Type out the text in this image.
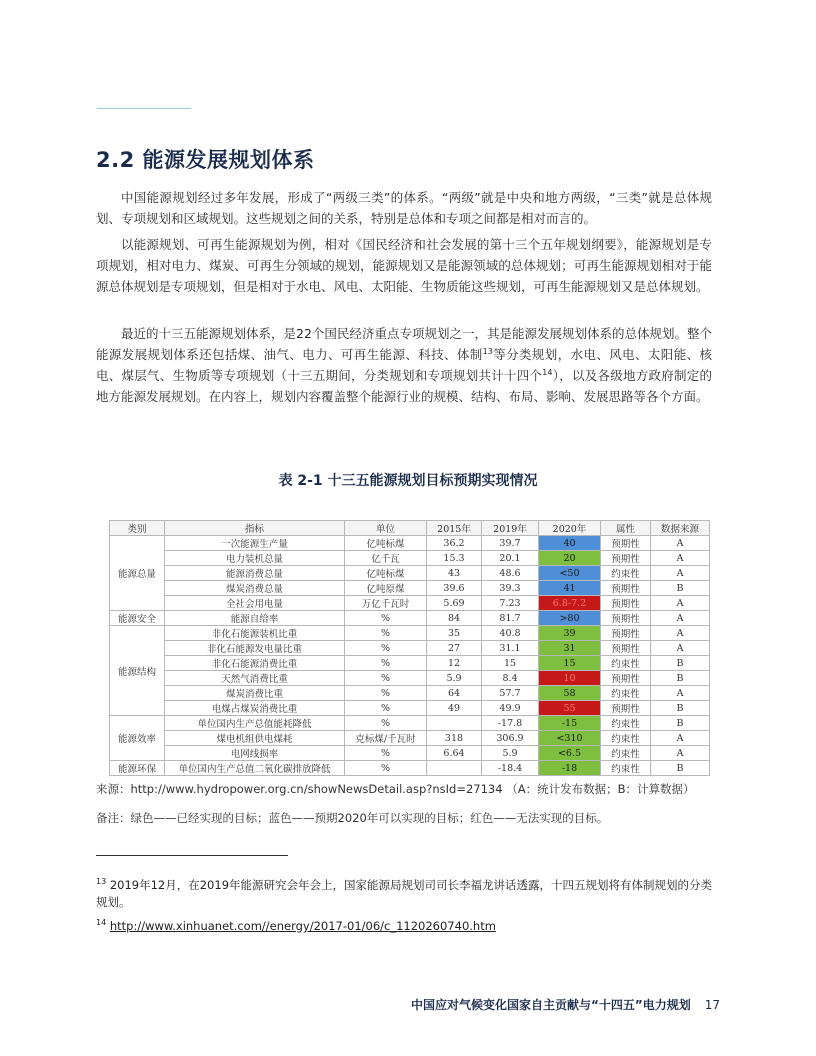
2.2 能源发展规划体系

中国能源规划经过多年发展，形成了“两级三类”的体系。“两级”就是中央和地方两级，“三类”就是总体规划、专项规划和区域规划。这些规划之间的关系，特别是总体和专项之间都是相对而言的。

以能源规划、可再生能源规划为例，相对《国民经济和社会发展的第十三个五年规划纲要》，能源规划是专项规划，相对电力、煤炭、可再生分领域的规划，能源规划又是能源领域的总体规划；可再生能源规划相对于能源总体规划是专项规划，但是相对于水电、风电、太阳能、生物质能这些规划，可再生能源规划又是总体规划。

最近的十三五能源规划体系，是22个国民经济重点专项规划之一，其是能源发展规划体系的总体规划。整个能源发展规划体系还包括煤、油气、电力、可再生能源、科技、体制$^{13}$等分类规划，水电、风电、太阳能、核电、煤层气、生物质等专项规划（十三五期间，分类规划和专项规划共计十四个$^{14}$），以及各级地方政府制定的地方能源发展规划。在内容上，规划内容覆盖整个能源行业的规模、结构、布局、影响、发展思路等各个方面。

表 2-1 十三五能源规划目标预期实现情况
类别	指标	单位	2015年	2019年	2020年	属性	数据来源
能源总量	一次能源生产量	亿吨标煤	36.2	39.7	40	预期性	A
	电力装机总量	亿千瓦	15.3	20.1	20	预期性	A
	能源消费总量	亿吨标煤	43	48.6	<50	约束性	A
	煤炭消费总量	亿吨原煤	39.6	39.3	41	预期性	B
	全社会用电量	万亿千瓦时	5.69	7.23	6.8-7.2	预期性	A
能源安全	能源自给率	%	84	81.7	>80	预期性	A
能源结构	非化石能源装机比重	%	35	40.8	39	预期性	A
	非化石能源发电量比重	%	27	31.1	31	预期性	A
	非化石能源消费比重	%	12	15	15	约束性	B
	天然气消费比重	%	5.9	8.4	10	预期性	B
	煤炭消费比重	%	64	57.7	58	约束性	A
	电煤占煤炭消费比重	%	49	49.9	55	预期性	B
能源效率	单位国内生产总值能耗降低	%		-17.8	-15	约束性	B
	煤电机组供电煤耗	克标煤/千瓦时	318	306.9	<310	约束性	A
	电网线损率	%	6.64	5.9	<6.5	约束性	A
能源环保	单位国内生产总值二氧化碳排放降低	%		-18.4	-18	约束性	B

来源：http://www.hydropower.org.cn/showNewsDetail.asp?nsId=27134 （A：统计发布数据；B：计算数据）

备注：绿色——已经实现的目标；蓝色——预期2020年可以实现的目标；红色——无法实现的目标。

$^{13}$ 2019年12月，在2019年能源研究会年会上，国家能源局规划司司长李福龙讲话透露，十四五规划将有体制规划的分类规划。

$^{14}$ http://www.xinhuanet.com//energy/2017-01/06/c_1120260740.htm

中国应对气候变化国家自主贡献与“十四五”电力规划 17
